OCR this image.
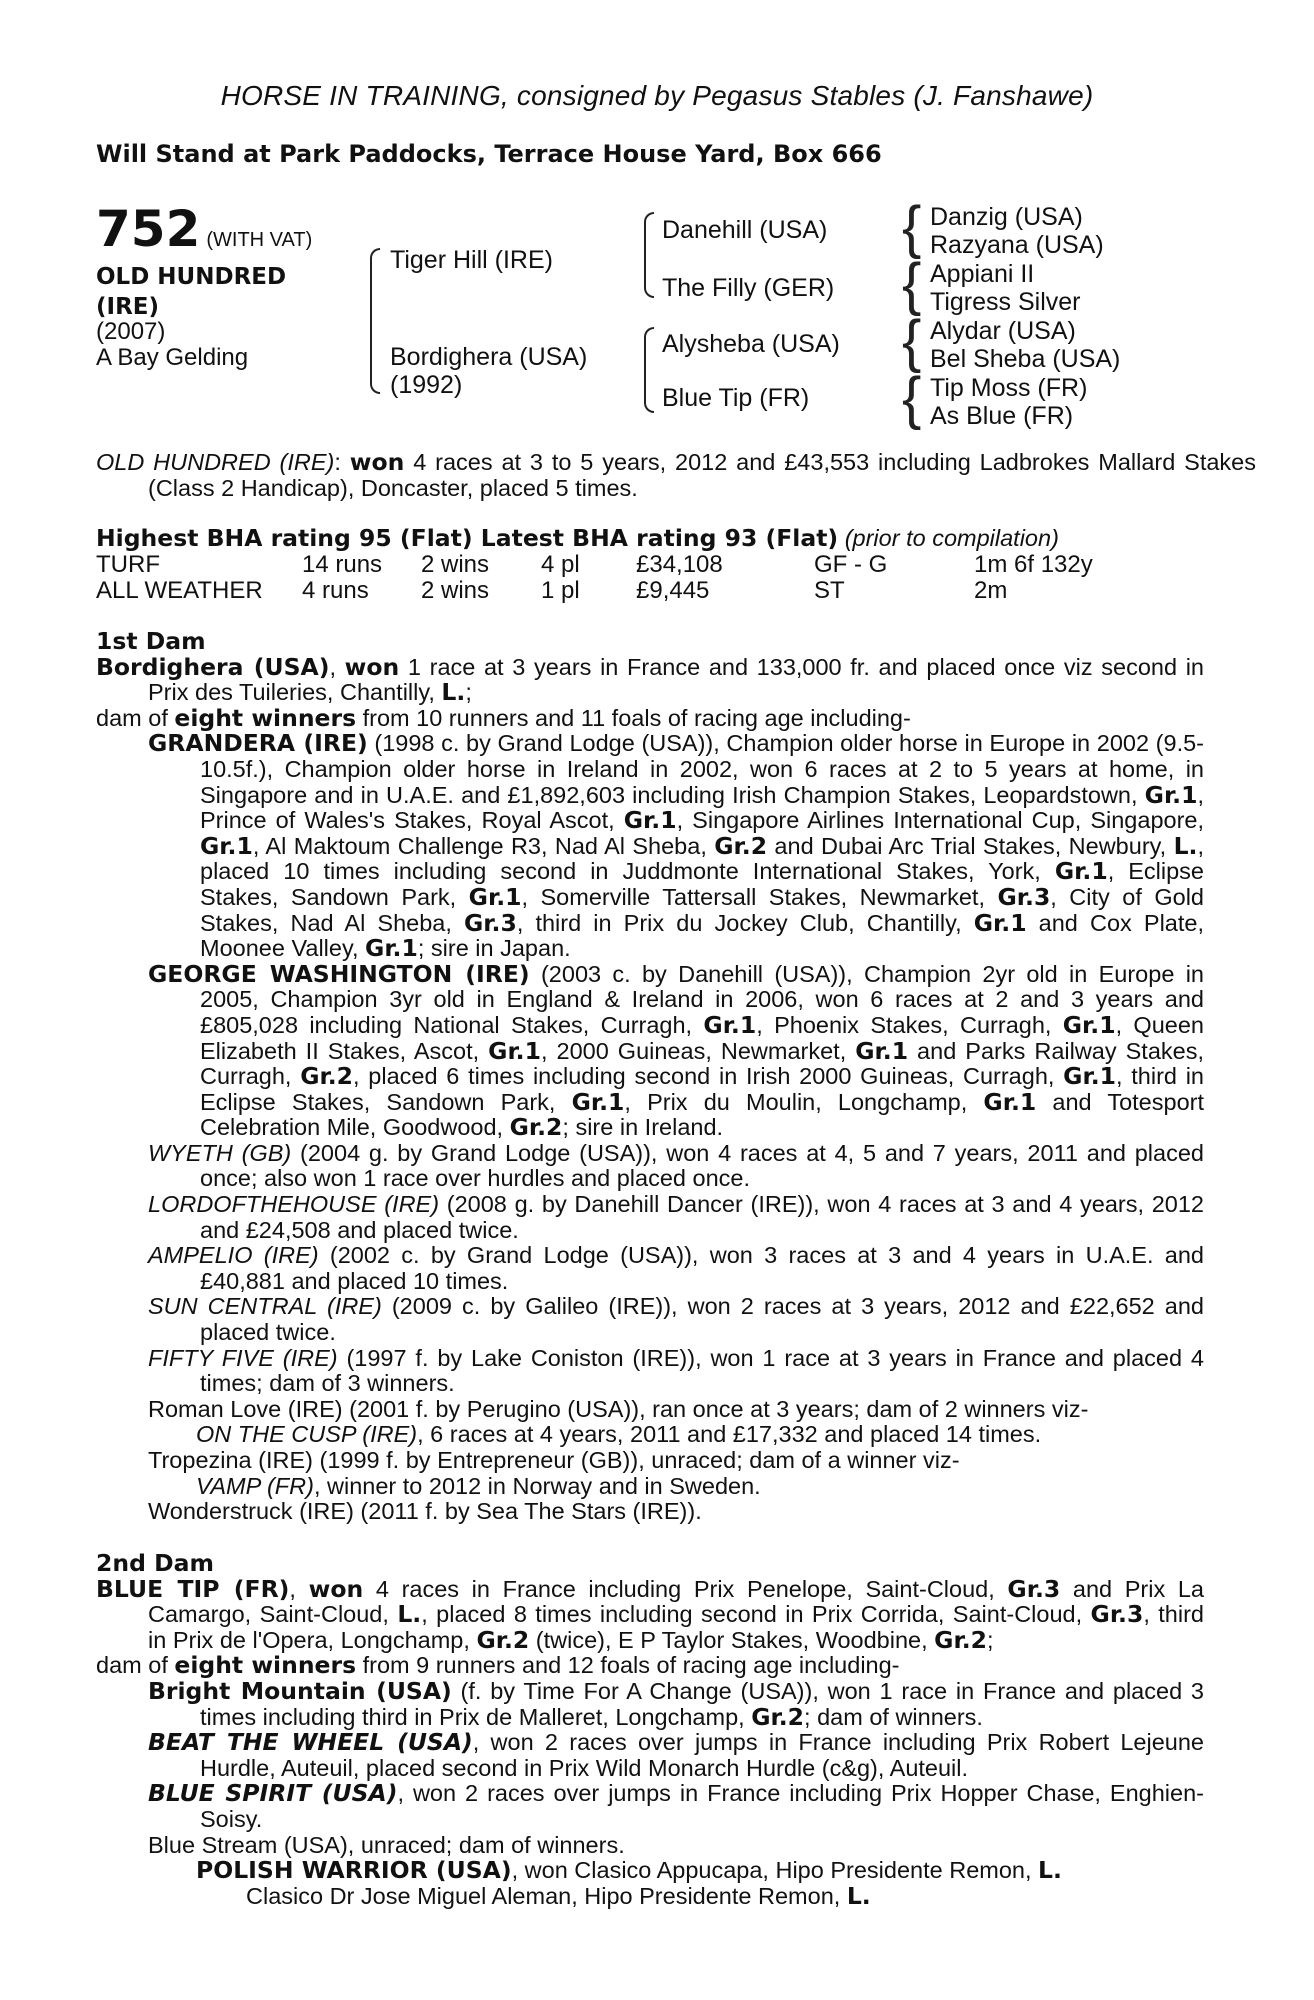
HORSE IN TRAINING, consigned by Pegasus Stables (J. Fanshawe)
Will Stand at Park Paddocks, Terrace House Yard, Box 666
752 (WITH VAT)
OLD HUNDRED
(IRE)
(2007)
A Bay Gelding
Tiger Hill (IRE)
Bordighera (USA)
(1992)
Danehill (USA)
The Filly (GER)
Alysheba (USA)
Blue Tip (FR)
{
{
{
{
Danzig (USA)
Razyana (USA)
Appiani II
Tigress Silver
Alydar (USA)
Bel Sheba (USA)
Tip Moss (FR)
As Blue (FR)
OLD HUNDRED (IRE): won 4 races at 3 to 5 years, 2012 and £43,553 including Ladbrokes Mallard Stakes (Class 2 Handicap), Doncaster, placed 5 times.
Highest BHA rating 95 (Flat) Latest BHA rating 93 (Flat) (prior to compilation)
TURF	14 runs 2 wins 4 pl £34,108	GF - G	1m 6f 132y
ALL WEATHER 4 runs 2 wins 1 pl £9,445	ST	2m
1st Dam
Bordighera (USA), won 1 race at 3 years in France and 133,000 fr. and placed once viz second in Prix des Tuileries, Chantilly, L.;
dam of eight winners from 10 runners and 11 foals of racing age including-
GRANDERA (IRE) (1998 c. by Grand Lodge (USA)), Champion older horse in Europe in 2002 (9.5-10.5f.), Champion older horse in Ireland in 2002, won 6 races at 2 to 5 years at home, in Singapore and in U.A.E. and £1,892,603 including Irish Champion Stakes, Leopardstown, Gr.1, Prince of Wales's Stakes, Royal Ascot, Gr.1, Singapore Airlines International Cup, Singapore, Gr.1, Al Maktoum Challenge R3, Nad Al Sheba, Gr.2 and Dubai Arc Trial Stakes, Newbury, L., placed 10 times including second in Juddmonte International Stakes, York, Gr.1, Eclipse Stakes, Sandown Park, Gr.1, Somerville Tattersall Stakes, Newmarket, Gr.3, City of Gold Stakes, Nad Al Sheba, Gr.3, third in Prix du Jockey Club, Chantilly, Gr.1 and Cox Plate, Moonee Valley, Gr.1; sire in Japan.
GEORGE WASHINGTON (IRE) (2003 c. by Danehill (USA)), Champion 2yr old in Europe in 2005, Champion 3yr old in England & Ireland in 2006, won 6 races at 2 and 3 years and £805,028 including National Stakes, Curragh, Gr.1, Phoenix Stakes, Curragh, Gr.1, Queen Elizabeth II Stakes, Ascot, Gr.1, 2000 Guineas, Newmarket, Gr.1 and Parks Railway Stakes, Curragh, Gr.2, placed 6 times including second in Irish 2000 Guineas, Curragh, Gr.1, third in Eclipse Stakes, Sandown Park, Gr.1, Prix du Moulin, Longchamp, Gr.1 and Totesport Celebration Mile, Goodwood, Gr.2; sire in Ireland.
WYETH (GB) (2004 g. by Grand Lodge (USA)), won 4 races at 4, 5 and 7 years, 2011 and placed once; also won 1 race over hurdles and placed once.
LORDOFTHEHOUSE (IRE) (2008 g. by Danehill Dancer (IRE)), won 4 races at 3 and 4 years, 2012 and £24,508 and placed twice.
AMPELIO (IRE) (2002 c. by Grand Lodge (USA)), won 3 races at 3 and 4 years in U.A.E. and £40,881 and placed 10 times.
SUN CENTRAL (IRE) (2009 c. by Galileo (IRE)), won 2 races at 3 years, 2012 and £22,652 and placed twice.
FIFTY FIVE (IRE) (1997 f. by Lake Coniston (IRE)), won 1 race at 3 years in France and placed 4 times; dam of 3 winners.
Roman Love (IRE) (2001 f. by Perugino (USA)), ran once at 3 years; dam of 2 winners viz-
ON THE CUSP (IRE), 6 races at 4 years, 2011 and £17,332 and placed 14 times.
Tropezina (IRE) (1999 f. by Entrepreneur (GB)), unraced; dam of a winner viz-
VAMP (FR), winner to 2012 in Norway and in Sweden.
Wonderstruck (IRE) (2011 f. by Sea The Stars (IRE)).
2nd Dam
BLUE TIP (FR), won 4 races in France including Prix Penelope, Saint-Cloud, Gr.3 and Prix La Camargo, Saint-Cloud, L., placed 8 times including second in Prix Corrida, Saint-Cloud, Gr.3, third in Prix de l'Opera, Longchamp, Gr.2 (twice), E P Taylor Stakes, Woodbine, Gr.2;
dam of eight winners from 9 runners and 12 foals of racing age including-
Bright Mountain (USA) (f. by Time For A Change (USA)), won 1 race in France and placed 3 times including third in Prix de Malleret, Longchamp, Gr.2; dam of winners.
BEAT THE WHEEL (USA), won 2 races over jumps in France including Prix Robert Lejeune Hurdle, Auteuil, placed second in Prix Wild Monarch Hurdle (c&g), Auteuil.
BLUE SPIRIT (USA), won 2 races over jumps in France including Prix Hopper Chase, Enghien-Soisy.
Blue Stream (USA), unraced; dam of winners.
POLISH WARRIOR (USA), won Clasico Appucapa, Hipo Presidente Remon, L.
Clasico Dr Jose Miguel Aleman, Hipo Presidente Remon, L.
